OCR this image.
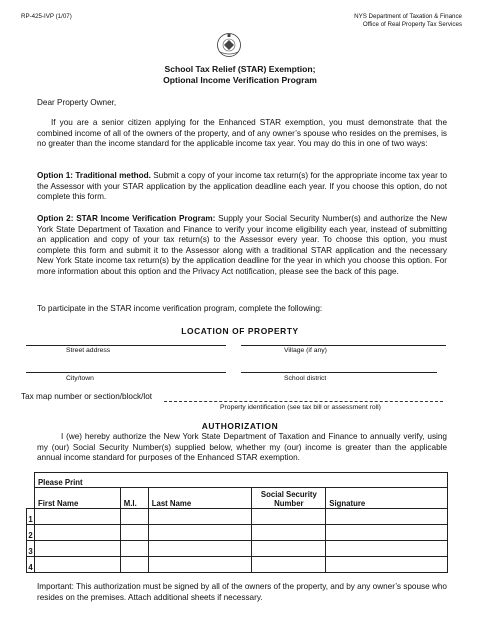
RP-425-IVP (1/07)	NYS Department of Taxation & Finance
Office of Real Property Tax Services
School Tax Relief (STAR) Exemption;
Optional Income Verification Program
Dear Property Owner,
If you are a senior citizen applying for the Enhanced STAR exemption, you must demonstrate that the combined income of all of the owners of the property, and of any owner’s spouse who resides on the premises, is no greater than the income standard for the applicable income tax year. You may do this in one of two ways:
Option 1: Traditional method. Submit a copy of your income tax return(s) for the appropriate income tax year to the Assessor with your STAR application by the application deadline each year. If you choose this option, do not complete this form.
Option 2: STAR Income Verification Program: Supply your Social Security Number(s) and authorize the New York State Department of Taxation and Finance to verify your income eligibility each year, instead of submitting an application and copy of your tax return(s) to the Assessor every year. To choose this option, you must complete this form and submit it to the Assessor along with a traditional STAR application and the necessary New York State income tax return(s) by the application deadline for the year in which you choose this option. For more information about this option and the Privacy Act notification, please see the back of this page.
To participate in the STAR income verification program, complete the following:
LOCATION OF PROPERTY
Street address	Village (if any)
City/town	School district
Tax map number or section/block/lot
Property identification (see tax bill or assessment roll)
AUTHORIZATION
I (we) hereby authorize the New York State Department of Taxation and Finance to annually verify, using my (our) Social Security Number(s) supplied below, whether my (our) income is greater than the applicable annual income standard for purposes of the Enhanced STAR exemption.
	Please Print				
	First Name	M.I.	Last Name	Social Security Number	Signature
1					
2					
3					
4					
Important: This authorization must be signed by all of the owners of the property, and by any owner’s spouse who resides on the premises. Attach additional sheets if necessary.
